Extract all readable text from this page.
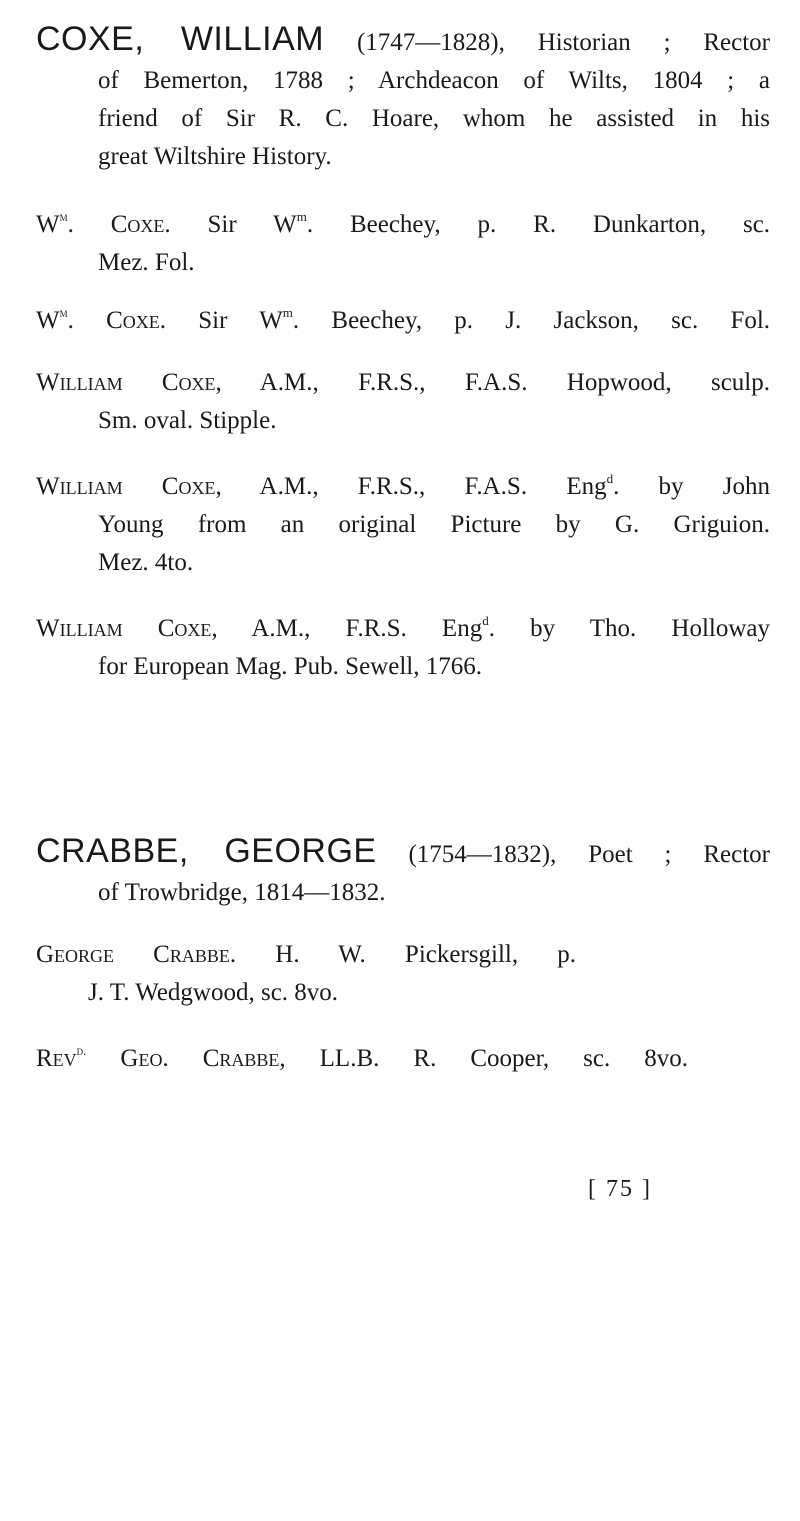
COXE, WILLIAM (1747—1828), Historian ; Rector
of Bemerton, 1788 ; Archdeacon of Wilts, 1804 ; a
friend of Sir R. C. Hoare, whom he assisted in his
great Wiltshire History.
$W^m$. Coxe. Sir $W^m$. Beechey, p. R. Dunkarton, sc.
Mez. Fol.
$W^m$. Coxe. Sir $W^m$. Beechey, p. J. Jackson, sc. Fol.
William Coxe, A.M., F.R.S., F.A.S. Hopwood, sculp.
Sm. oval. Stipple.
William Coxe, A.M., F.R.S., F.A.S. Eng$^d$. by John
Young from an original Picture by G. Griguion.
Mez. 4to.
William Coxe, A.M., F.R.S. Eng$^d$. by Tho. Holloway
for European Mag. Pub. Sewell, 1766.
CRABBE, GEORGE (1754—1832), Poet ; Rector
of Trowbridge, 1814—1832.
George Crabbe. H. W. Pickersgill, p.
J. T. Wedgwood, sc. 8vo.
Rev$^{d.}$ Geo. Crabbe, LL.B. R. Cooper, sc. 8vo.
[ 75 ]
